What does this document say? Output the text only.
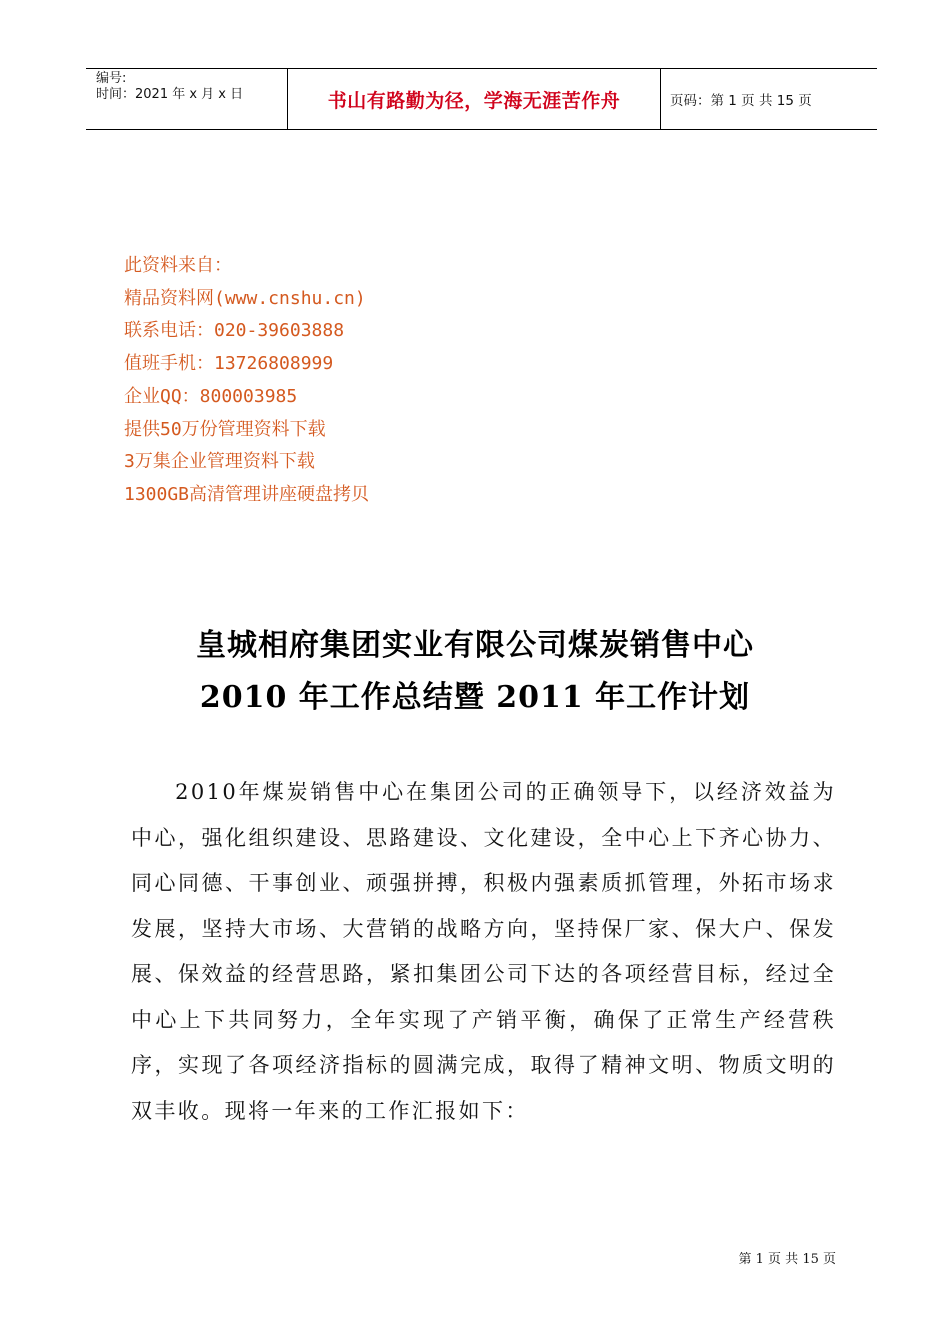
编号:
时间：2021 年 x 月 x 日	书山有路勤为径，学海无涯苦作舟	页码：第 1 页 共 15 页
此资料来自：
精品资料网(www.cnshu.cn)
联系电话：020-39603888
值班手机：13726808999
企业QQ：800003985
提供50万份管理资料下载
3万集企业管理资料下载
1300GB高清管理讲座硬盘拷贝
皇城相府集团实业有限公司煤炭销售中心
2010 年工作总结暨 2011 年工作计划

2010年煤炭销售中心在集团公司的正确领导下，以经济效益为中心，强化组织建设、思路建设、文化建设，全中心上下齐心协力、同心同德、干事创业、顽强拼搏，积极内强素质抓管理，外拓市场求发展，坚持大市场、大营销的战略方向，坚持保厂家、保大户、保发展、保效益的经营思路，紧扣集团公司下达的各项经营目标，经过全中心上下共同努力，全年实现了产销平衡，确保了正常生产经营秩序，实现了各项经济指标的圆满完成，取得了精神文明、物质文明的双丰收。现将一年来的工作汇报如下：

第 1 页 共 15 页
